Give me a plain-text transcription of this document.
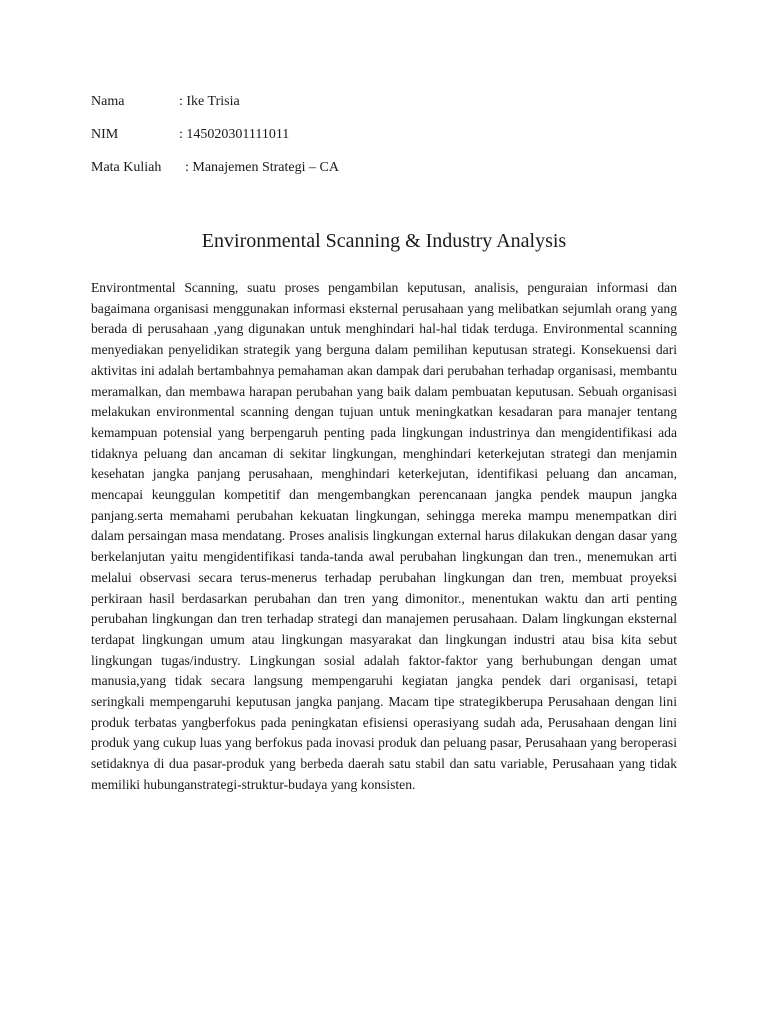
Nama	: Ike Trisia
NIM	: 145020301111011
Mata Kuliah : Manajemen Strategi – CA
Environmental Scanning & Industry Analysis

Environtmental Scanning, suatu proses pengambilan keputusan, analisis, penguraian informasi dan bagaimana organisasi menggunakan informasi eksternal perusahaan yang melibatkan sejumlah orang yang berada di perusahaan ,yang digunakan untuk menghindari hal-hal tidak terduga. Environmental scanning menyediakan penyelidikan strategik yang berguna dalam pemilihan keputusan strategi. Konsekuensi dari aktivitas ini adalah bertambahnya pemahaman akan dampak dari perubahan terhadap organisasi, membantu meramalkan, dan membawa harapan perubahan yang baik dalam pembuatan keputusan. Sebuah organisasi melakukan environmental scanning dengan tujuan untuk meningkatkan kesadaran para manajer tentang kemampuan potensial yang berpengaruh penting pada lingkungan industrinya dan mengidentifikasi ada tidaknya peluang dan ancaman di sekitar lingkungan, menghindari keterkejutan strategi dan menjamin kesehatan jangka panjang perusahaan, menghindari keterkejutan, identifikasi peluang dan ancaman, mencapai keunggulan kompetitif dan mengembangkan perencanaan jangka pendek maupun jangka panjang.serta memahami perubahan kekuatan lingkungan, sehingga mereka mampu menempatkan diri dalam persaingan masa mendatang. Proses analisis lingkungan external harus dilakukan dengan dasar yang berkelanjutan yaitu mengidentifikasi tanda-tanda awal perubahan lingkungan dan tren., menemukan arti melalui observasi secara terus-menerus terhadap perubahan lingkungan dan tren, membuat proyeksi perkiraan hasil berdasarkan perubahan dan tren yang dimonitor., menentukan waktu dan arti penting perubahan lingkungan dan tren terhadap strategi dan manajemen perusahaan. Dalam lingkungan eksternal terdapat lingkungan umum atau lingkungan masyarakat dan lingkungan industri atau bisa kita sebut lingkungan tugas/industry. Lingkungan sosial adalah faktor-faktor yang berhubungan dengan umat manusia,yang tidak secara langsung mempengaruhi kegiatan jangka pendek dari organisasi, tetapi seringkali mempengaruhi keputusan jangka panjang. Macam tipe strategikberupa Perusahaan dengan lini produk terbatas yangberfokus pada peningkatan efisiensi operasiyang sudah ada, Perusahaan dengan lini produk yang cukup luas yang berfokus pada inovasi produk dan peluang pasar, Perusahaan yang beroperasi setidaknya di dua pasar-produk yang berbeda daerah satu stabil dan satu variable, Perusahaan yang tidak memiliki hubunganstrategi-struktur-budaya yang konsisten.
